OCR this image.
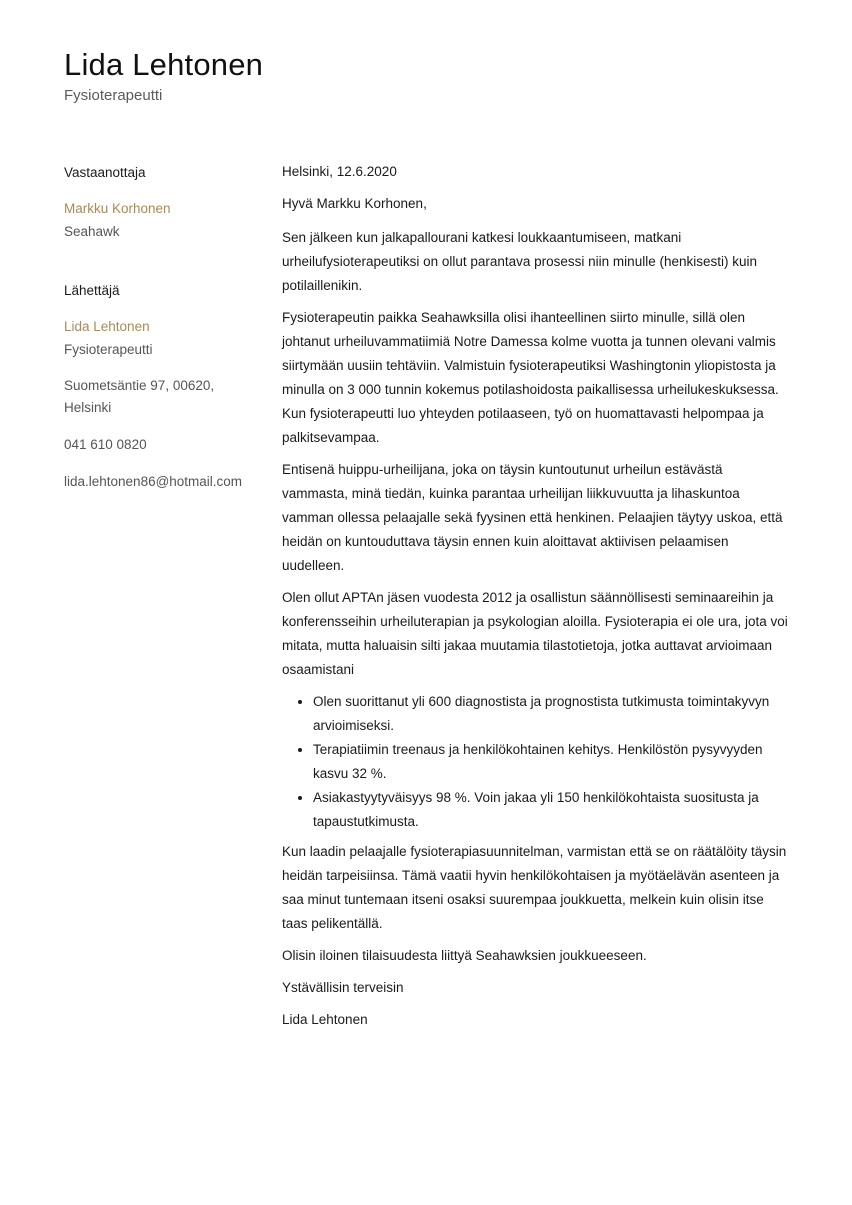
Lida Lehtonen
Fysioterapeutti
Vastaanottaja
Markku Korhonen
Seahawk
Lähettäjä
Lida Lehtonen
Fysioterapeutti
Suometsäntie 97, 00620, Helsinki
041 610 0820
lida.lehtonen86@hotmail.com

Helsinki, 12.6.2020

Hyvä Markku Korhonen,

Sen jälkeen kun jalkapallourani katkesi loukkaantumiseen, matkani urheilufysioterapeutiksi on ollut parantava prosessi niin minulle (henkisesti) kuin potilaillenikin.

Fysioterapeutin paikka Seahawksilla olisi ihanteellinen siirto minulle, sillä olen johtanut urheiluvammatiimiä Notre Damessa kolme vuotta ja tunnen olevani valmis siirtymään uusiin tehtäviin. Valmistuin fysioterapeutiksi Washingtonin yliopistosta ja minulla on 3 000 tunnin kokemus potilashoidosta paikallisessa urheilukeskuksessa. Kun fysioterapeutti luo yhteyden potilaaseen, työ on huomattavasti helpompaa ja palkitsevampaa.

Entisenä huippu-urheilijana, joka on täysin kuntoutunut urheilun estävästä vammasta, minä tiedän, kuinka parantaa urheilijan liikkuvuutta ja lihaskuntoa vamman ollessa pelaajalle sekä fyysinen että henkinen. Pelaajien täytyy uskoa, että heidän on kuntouduttava täysin ennen kuin aloittavat aktiivisen pelaamisen uudelleen.

Olen ollut APTAn jäsen vuodesta 2012 ja osallistun säännöllisesti seminaareihin ja konferensseihin urheiluterapian ja psykologian aloilla. Fysioterapia ei ole ura, jota voi mitata, mutta haluaisin silti jakaa muutamia tilastotietoja, jotka auttavat arvioimaan osaamistani

• Olen suorittanut yli 600 diagnostista ja prognostista tutkimusta toimintakyvyn arvioimiseksi.
• Terapiatiimin treenaus ja henkilökohtainen kehitys. Henkilöstön pysyvyyden kasvu 32 %.
• Asiakastyytyväisyys 98 %. Voin jakaa yli 150 henkilökohtaista suositusta ja tapaustutkimusta.

Kun laadin pelaajalle fysioterapiasuunnitelman, varmistan että se on räätälöity täysin heidän tarpeisiinsa. Tämä vaatii hyvin henkilökohtaisen ja myötäelävän asenteen ja saa minut tuntemaan itseni osaksi suurempaa joukkuetta, melkein kuin olisin itse taas pelikentällä.

Olisin iloinen tilaisuudesta liittyä Seahawksien joukkueeseen.

Ystävällisin terveisin

Lida Lehtonen
